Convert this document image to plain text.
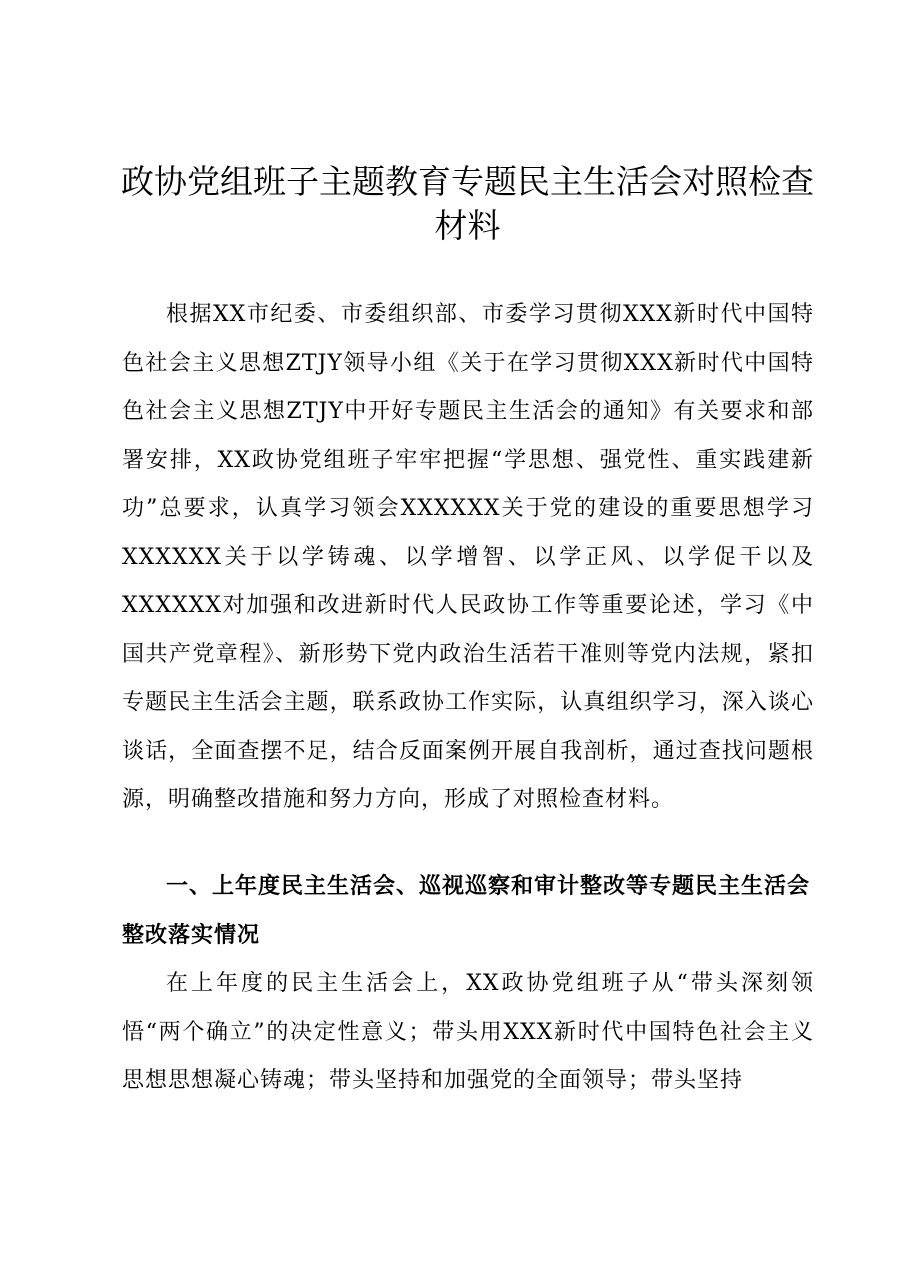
政协党组班子主题教育专题民主生活会对照检查
材料

根据XX市纪委、市委组织部、市委学习贯彻XXX新时代中国特色社会主义思想ZTJY领导小组《关于在学习贯彻XXX新时代中国特色社会主义思想ZTJY中开好专题民主生活会的通知》有关要求和部署安排，XX政协党组班子牢牢把握“学思想、强党性、重实践建新功”总要求，认真学习领会XXXXXX关于党的建设的重要思想学习XXXXXX关于以学铸魂、以学增智、以学正风、以学促干以及XXXXXX对加强和改进新时代人民政协工作等重要论述，学习《中国共产党章程》、新形势下党内政治生活若干准则等党内法规，紧扣专题民主生活会主题，联系政协工作实际，认真组织学习，深入谈心谈话，全面查摆不足，结合反面案例开展自我剖析，通过查找问题根源，明确整改措施和努力方向，形成了对照检查材料。

一、上年度民主生活会、巡视巡察和审计整改等专题民主生活会整改落实情况

在上年度的民主生活会上，XX政协党组班子从“带头深刻领悟“两个确立”的决定性意义；带头用XXX新时代中国特色社会主义思想思想凝心铸魂；带头坚持和加强党的全面领导；带头坚持
